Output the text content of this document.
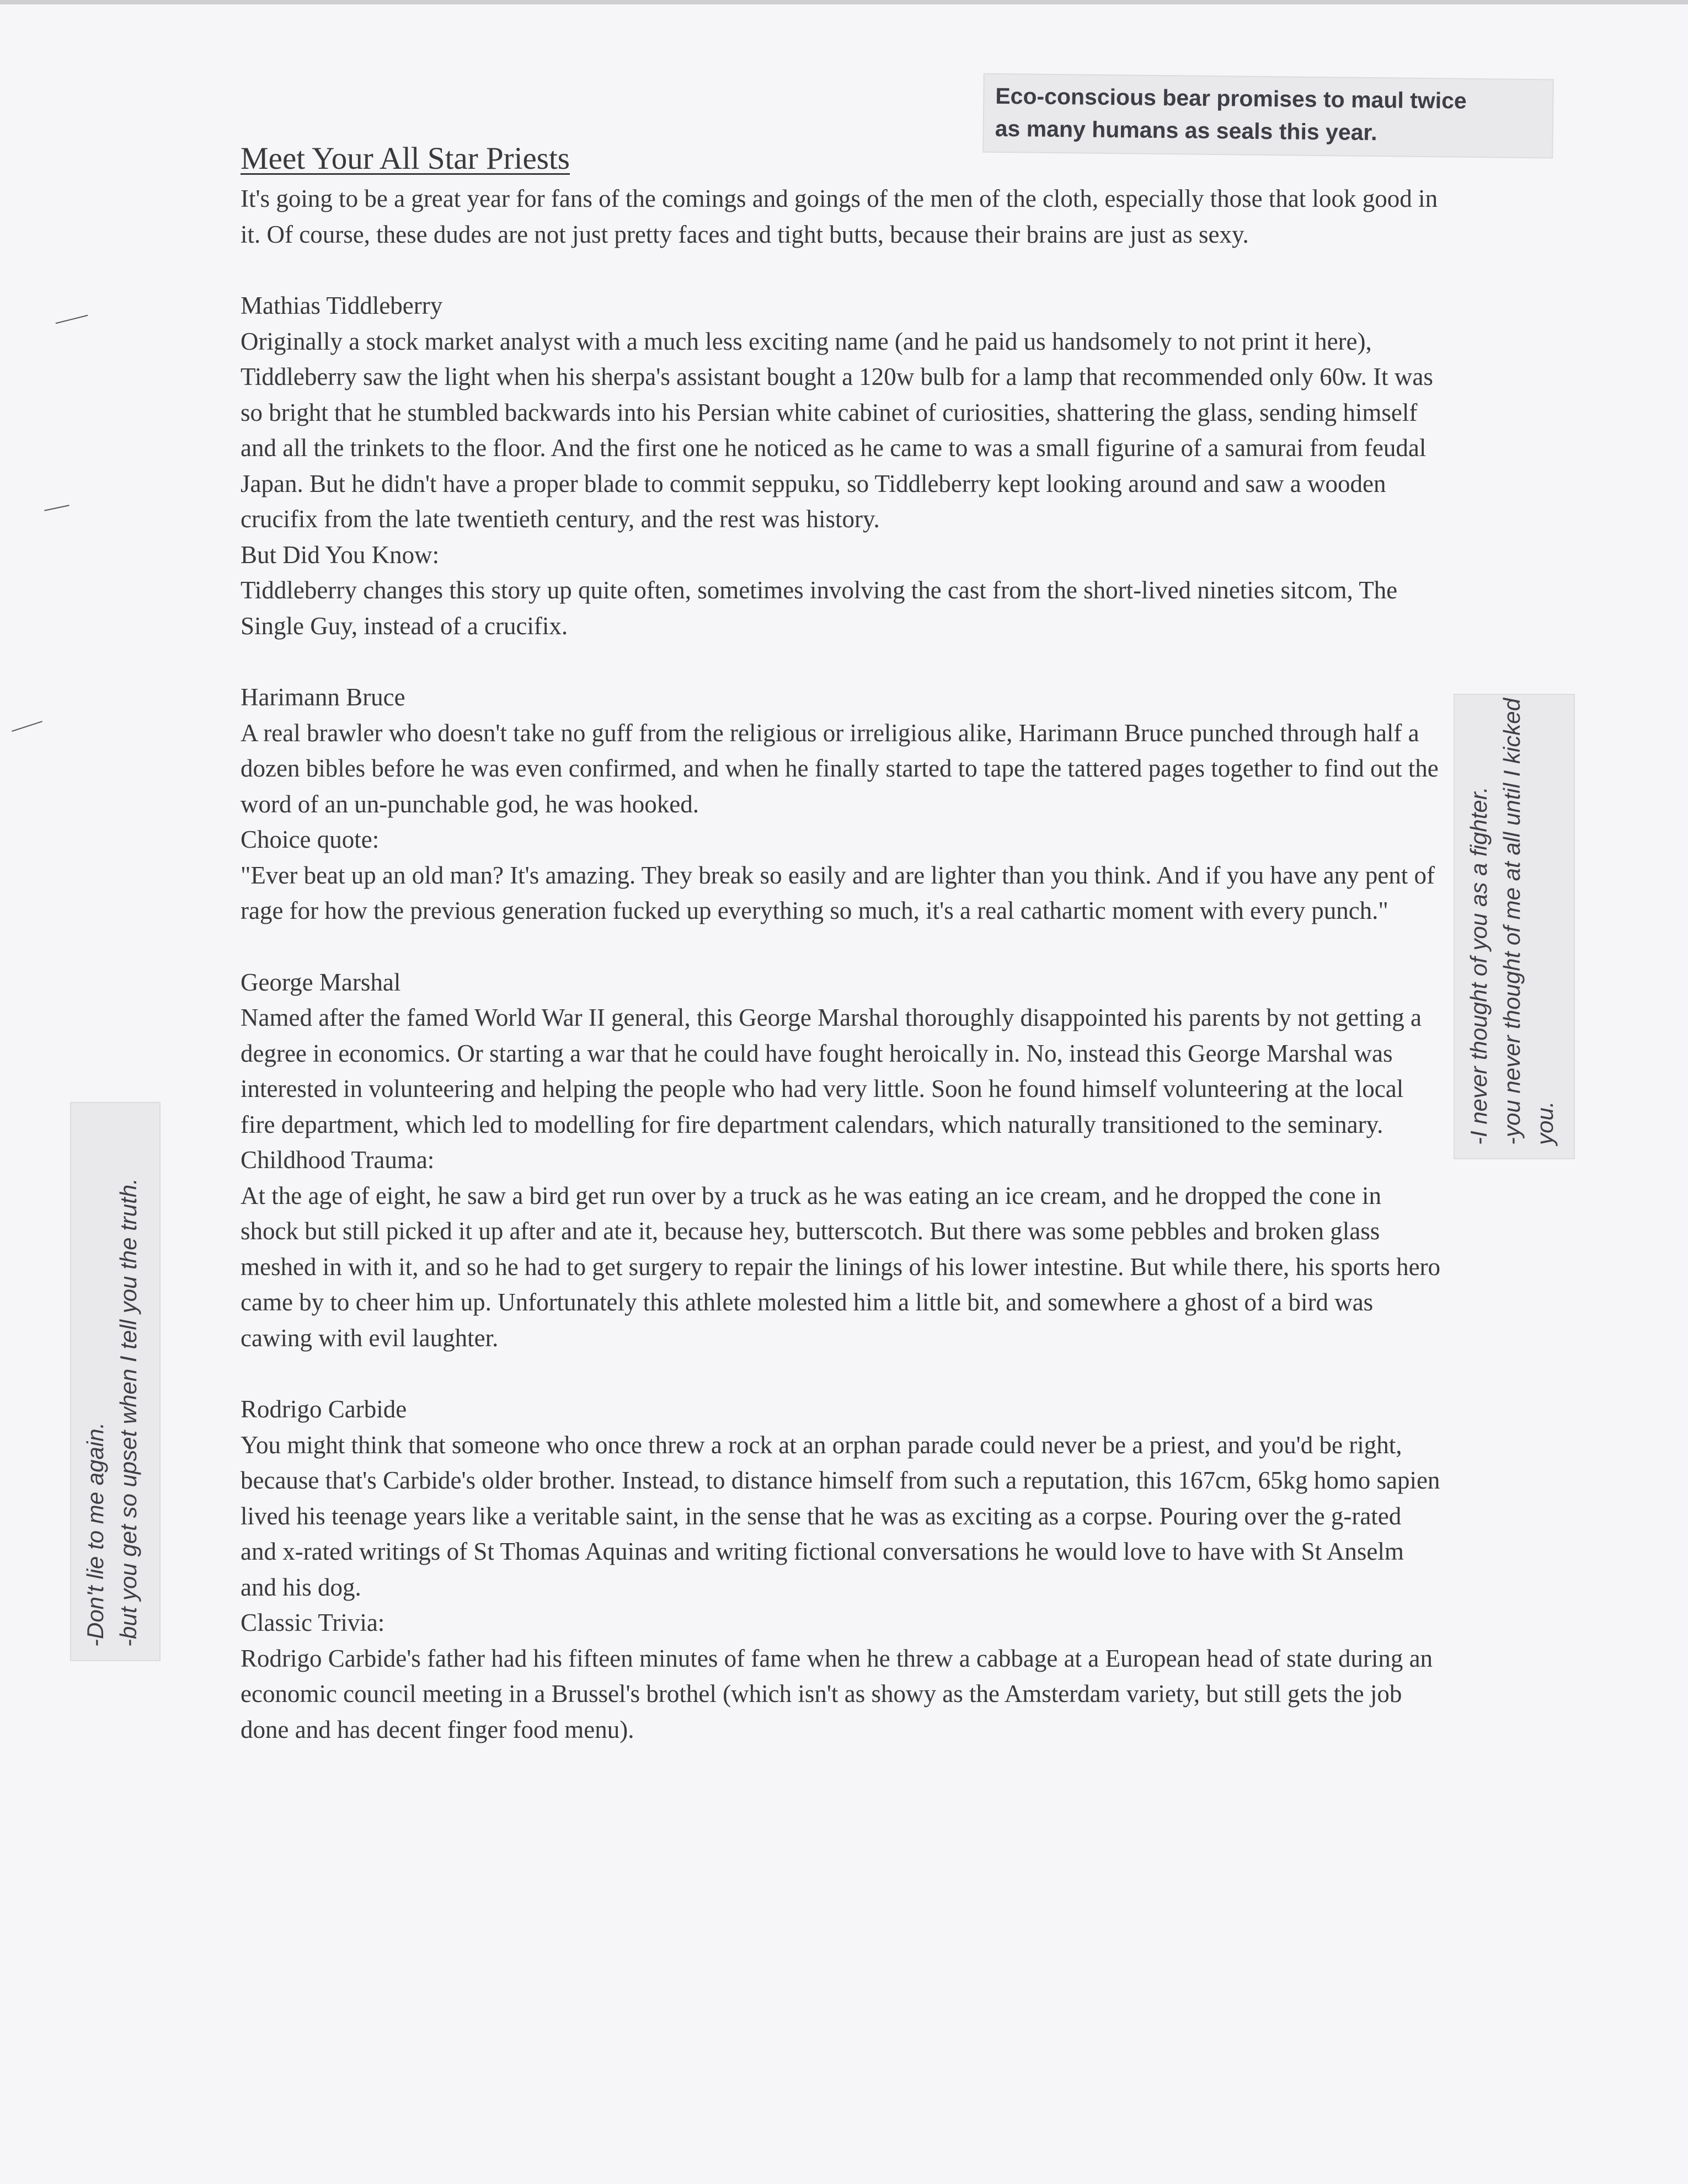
Meet Your All Star Priests

It's going to be a great year for fans of the comings and goings of the men of the cloth, especially those that look good in it. Of course, these dudes are not just pretty faces and tight butts, because their brains are just as sexy.

Mathias Tiddleberry

Originally a stock market analyst with a much less exciting name (and he paid us handsomely to not print it here), Tiddleberry saw the light when his sherpa's assistant bought a 120w bulb for a lamp that recommended only 60w. It was so bright that he stumbled backwards into his Persian white cabinet of curiosities, shattering the glass, sending himself and all the trinkets to the floor. And the first one he noticed as he came to was a small figurine of a samurai from feudal Japan. But he didn't have a proper blade to commit seppuku, so Tiddleberry kept looking around and saw a wooden crucifix from the late twentieth century, and the rest was history.

But Did You Know:

Tiddleberry changes this story up quite often, sometimes involving the cast from the short-lived nineties sitcom, The Single Guy, instead of a crucifix.

Harimann Bruce

A real brawler who doesn't take no guff from the religious or irreligious alike, Harimann Bruce punched through half a dozen bibles before he was even confirmed, and when he finally started to tape the tattered pages together to find out the word of an un-punchable god, he was hooked.

Choice quote:

"Ever beat up an old man? It's amazing. They break so easily and are lighter than you think. And if you have any pent of rage for how the previous generation fucked up everything so much, it's a real cathartic moment with every punch."

George Marshal

Named after the famed World War II general, this George Marshal thoroughly disappointed his parents by not getting a degree in economics. Or starting a war that he could have fought heroically in. No, instead this George Marshal was interested in volunteering and helping the people who had very little. Soon he found himself volunteering at the local fire department, which led to modelling for fire department calendars, which naturally transitioned to the seminary.

Childhood Trauma:

At the age of eight, he saw a bird get run over by a truck as he was eating an ice cream, and he dropped the cone in shock but still picked it up after and ate it, because hey, butterscotch. But there was some pebbles and broken glass meshed in with it, and so he had to get surgery to repair the linings of his lower intestine. But while there, his sports hero came by to cheer him up. Unfortunately this athlete molested him a little bit, and somewhere a ghost of a bird was cawing with evil laughter.

Rodrigo Carbide

You might think that someone who once threw a rock at an orphan parade could never be a priest, and you'd be right, because that's Carbide's older brother. Instead, to distance himself from such a reputation, this 167cm, 65kg homo sapien lived his teenage years like a veritable saint, in the sense that he was as exciting as a corpse. Pouring over the g-rated and x-rated writings of St Thomas Aquinas and writing fictional conversations he would love to have with St Anselm and his dog.

Classic Trivia:

Rodrigo Carbide's father had his fifteen minutes of fame when he threw a cabbage at a European head of state during an economic council meeting in a Brussel's brothel (which isn't as showy as the Amsterdam variety, but still gets the job done and has decent finger food menu).

Eco-conscious bear promises to maul twice
as many humans as seals this year.
-I never thought of you as a fighter. -you never thought of me at all until I kicked you.
-Don't lie to me again. -but you get so upset when I tell you the truth.
